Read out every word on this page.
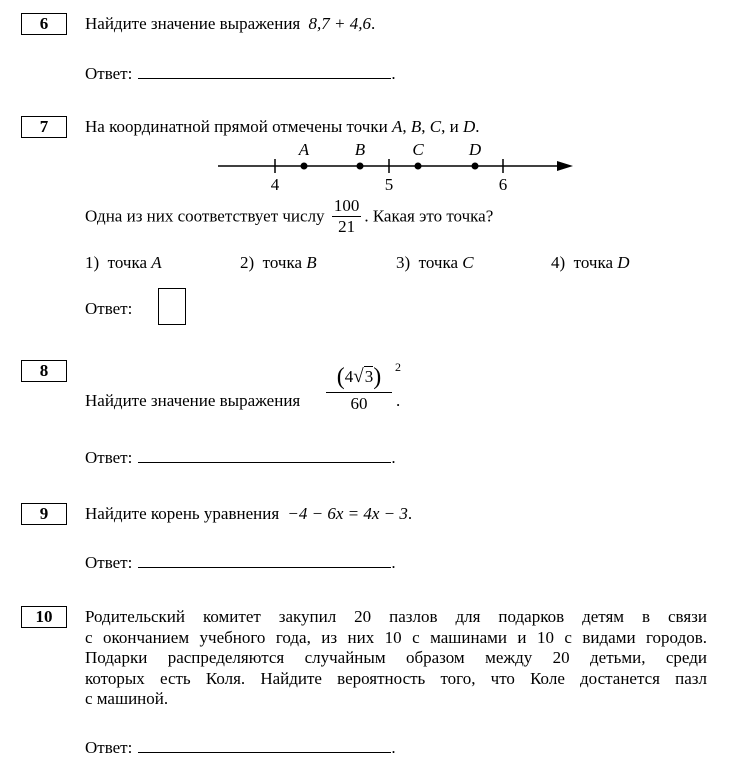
6	Найдите значение выражения 8,7 + 4,6.
Ответ:	.
7	На координатной прямой отмечены точки A, B, C, и D.
A	B	C	D
4	5	6
Одна из них соответствует числу $\frac{100}{21}$ . Какая это точка?
1) точка A	2) точка B	3) точка C	4) точка D
Ответ:
8
Найдите значение выражения $\frac{(4√3) 2}{60}$ .
Ответ:	.
9	Найдите корень уравнения −4 − 6x = 4x − 3.
Ответ:	.
10	Родительский комитет закупил 20 пазлов для подарков детям в связи
с окончанием учебного года, из них 10 с машинами и 10 с видами городов.
Подарки распределяются случайным образом между 20 детьми, среди
которых есть Коля. Найдите вероятность того, что Коле достанется пазл
с машиной.
Ответ:	.
